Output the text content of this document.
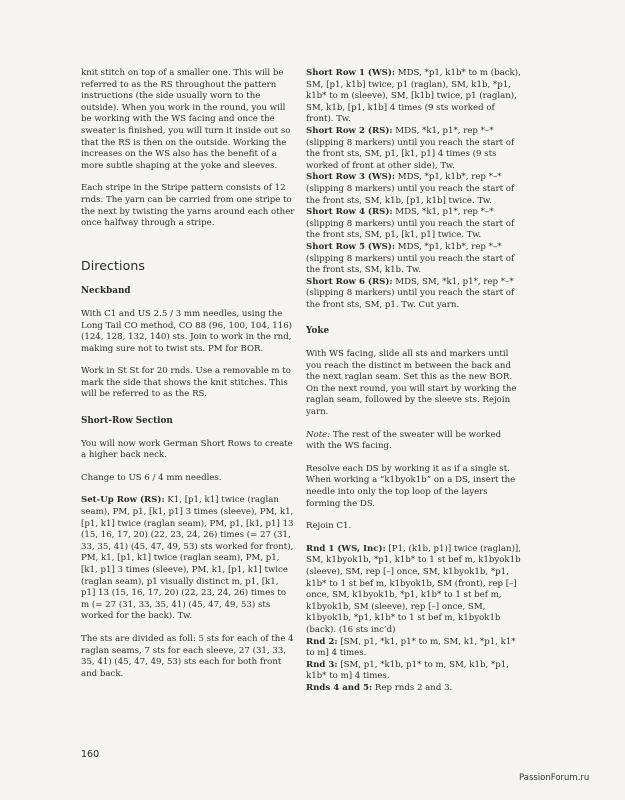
knit stitch on top of a smaller one. This will be referred to as the RS throughout the pattern instructions (the side usually worn to the outside). When you work in the round, you will be working with the WS facing and once the sweater is finished, you will turn it inside out so that the RS is then on the outside. Working the increases on the WS also has the benefit of a more subtle shaping at the yoke and sleeves.

Each stripe in the Stripe pattern consists of 12 rnds. The yarn can be carried from one stripe to the next by twisting the yarns around each other once halfway through a stripe.

Directions
Neckband

With C1 and US 2.5 / 3 mm needles, using the Long Tail CO method, CO 88 (96, 100, 104, 116) (124, 128, 132, 140) sts. Join to work in the rnd, making sure not to twist sts. PM for BOR.

Work in St St for 20 rnds. Use a removable m to mark the side that shows the knit stitches. This will be referred to as the RS.

Short-Row Section

You will now work German Short Rows to create a higher back neck.

Change to US 6 / 4 mm needles.

Set-Up Row (RS): K1, [p1, k1] twice (raglan seam), PM, p1, [k1, p1] 3 times (sleeve), PM, k1, [p1, k1] twice (raglan seam), PM, p1, [k1, p1] 13 (15, 16, 17, 20) (22, 23, 24, 26) times (= 27 (31, 33, 35, 41) (45, 47, 49, 53) sts worked for front), PM, k1, [p1, k1] twice (raglan seam), PM, p1, [k1, p1] 3 times (sleeve), PM, k1, [p1, k1] twice (raglan seam), p1 visually distinct m, p1, [k1, p1] 13 (15, 16, 17, 20) (22, 23, 24, 26) times to m (= 27 (31, 33, 35, 41) (45, 47, 49, 53) sts worked for the back). Tw.

The sts are divided as foll: 5 sts for each of the 4 raglan seams, 7 sts for each sleeve, 27 (31, 33, 35, 41) (45, 47, 49, 53) sts each for both front and back.

Short Row 1 (WS): MDS, *p1, k1b* to m (back), SM, [p1, k1b] twice, p1 (raglan), SM, k1b, *p1, k1b* to m (sleeve), SM, [k1b] twice, p1 (raglan), SM, k1b, [p1, k1b] 4 times (9 sts worked of front). Tw.

Short Row 2 (RS): MDS, *k1, p1*, rep *–* (slipping 8 markers) until you reach the start of the front sts, SM, p1, [k1, p1] 4 times (9 sts worked of front at other side), Tw.

Short Row 3 (WS): MDS, *p1, k1b*, rep *–* (slipping 8 markers) until you reach the start of the front sts, SM, k1b, [p1, k1b] twice. Tw.

Short Row 4 (RS): MDS, *k1, p1*, rep *–* (slipping 8 markers) until you reach the start of the front sts, SM, p1, [k1, p1] twice. Tw.

Short Row 5 (WS): MDS, *p1, k1b*, rep *–* (slipping 8 markers) until you reach the start of the front sts, SM, k1b. Tw.

Short Row 6 (RS): MDS, SM, *k1, p1*, rep *–* (slipping 8 markers) until you reach the start of the front sts, SM, p1. Tw. Cut yarn.

Yoke

With WS facing, slide all sts and markers until you reach the distinct m between the back and the next raglan seam. Set this as the new BOR. On the next round, you will start by working the raglan seam, followed by the sleeve sts. Rejoin yarn.

Note: The rest of the sweater will be worked with the WS facing.

Resolve each DS by working it as if a single st. When working a “k1byok1b” on a DS, insert the needle into only the top loop of the layers forming the DS.

Rejoin C1.

Rnd 1 (WS, Inc): [P1, (k1b, p1)] twice (raglan)], SM, k1byok1b, *p1, k1b* to 1 st bef m, k1byok1b (sleeve), SM, rep [–] once, SM, k1byok1b, *p1, k1b* to 1 st bef m, k1byok1b, SM (front), rep [–] once, SM, k1byok1b, *p1, k1b* to 1 st bef m, k1byok1b, SM (sleeve), rep [–] once, SM, k1byok1b, *p1, k1b* to 1 st bef m, k1byok1b (back). (16 sts inc’d)

Rnd 2: [SM, p1, *k1, p1* to m, SM, k1, *p1, k1* to m] 4 times.

Rnd 3: [SM, p1, *k1b, p1* to m, SM, k1b, *p1, k1b* to m] 4 times.

Rnds 4 and 5: Rep rnds 2 and 3.

160
PassionForum.ru
